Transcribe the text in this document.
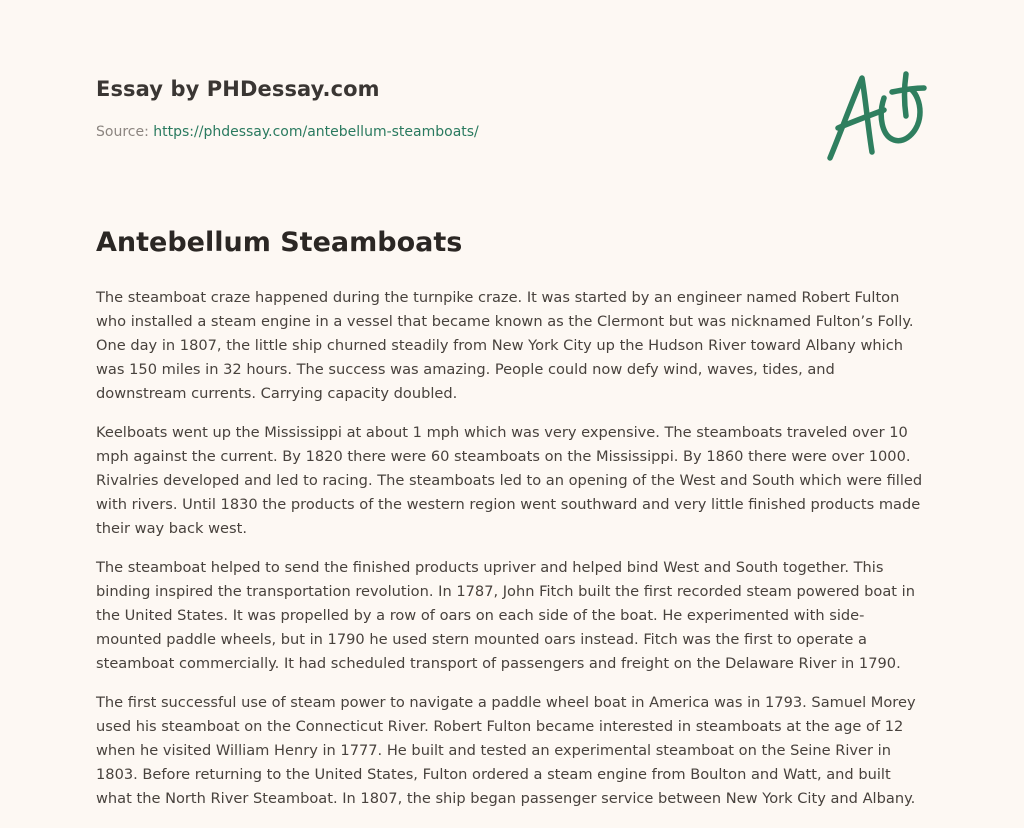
Essay by PHDessay.com
Source: https://phdessay.com/antebellum-steamboats/
Antebellum Steamboats

The steamboat craze happened during the turnpike craze. It was started by an engineer named Robert Fulton who installed a steam engine in a vessel that became known as the Clermont but was nicknamed Fulton’s Folly. One day in 1807, the little ship churned steadily from New York City up the Hudson River toward Albany which was 150 miles in 32 hours. The success was amazing. People could now defy wind, waves, tides, and downstream currents. Carrying capacity doubled.

Keelboats went up the Mississippi at about 1 mph which was very expensive. The steamboats traveled over 10 mph against the current. By 1820 there were 60 steamboats on the Mississippi. By 1860 there were over 1000. Rivalries developed and led to racing. The steamboats led to an opening of the West and South which were filled with rivers. Until 1830 the products of the western region went southward and very little finished products made their way back west.

The steamboat helped to send the finished products upriver and helped bind West and South together. This binding inspired the transportation revolution. In 1787, John Fitch built the first recorded steam powered boat in the United States. It was propelled by a row of oars on each side of the boat. He experimented with side-mounted paddle wheels, but in 1790 he used stern mounted oars instead. Fitch was the first to operate a steamboat commercially. It had scheduled transport of passengers and freight on the Delaware River in 1790.

The first successful use of steam power to navigate a paddle wheel boat in America was in 1793. Samuel Morey used his steamboat on the Connecticut River. Robert Fulton became interested in steamboats at the age of 12 when he visited William Henry in 1777. He built and tested an experimental steamboat on the Seine River in 1803. Before returning to the United States, Fulton ordered a steam engine from Boulton and Watt, and built what the North River Steamboat. In 1807, the ship began passenger service between New York City and Albany.
